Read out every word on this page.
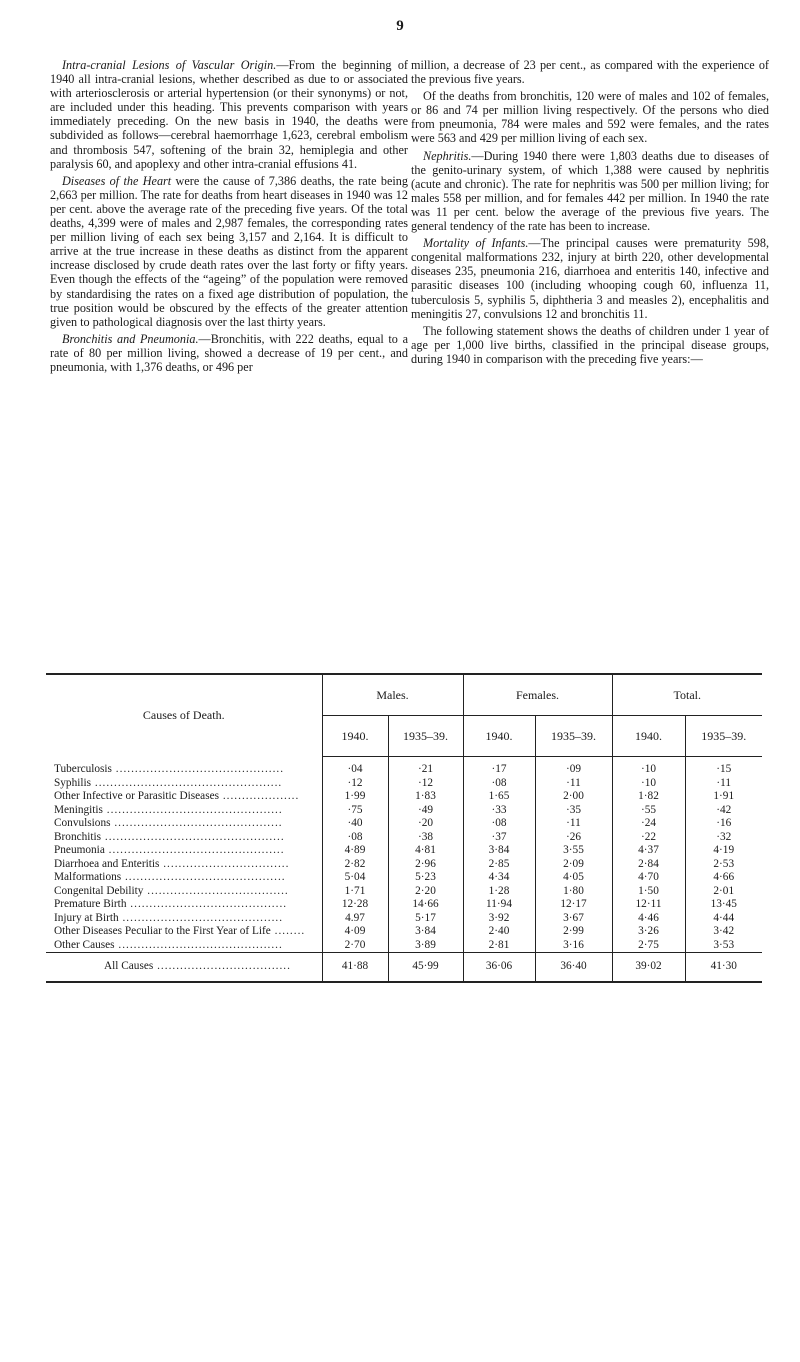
9

Intra-cranial Lesions of Vascular Origin.—From the beginning of 1940 all intra-cranial lesions, whether described as due to or associated with arteriosclerosis or arterial hypertension (or their synonyms) or not, are included under this heading. This prevents comparison with years immediately preceding. On the new basis in 1940, the deaths were subdivided as follows—cerebral haemorrhage 1,623, cerebral embolism and thrombosis 547, softening of the brain 32, hemiplegia and other paralysis 60, and apoplexy and other intra-cranial effusions 41.

Diseases of the Heart were the cause of 7,386 deaths, the rate being 2,663 per million. The rate for deaths from heart diseases in 1940 was 12 per cent. above the average rate of the preceding five years. Of the total deaths, 4,399 were of males and 2,987 females, the corresponding rates per million living of each sex being 3,157 and 2,164. It is difficult to arrive at the true increase in these deaths as distinct from the apparent increase disclosed by crude death rates over the last forty or fifty years. Even though the effects of the “ageing” of the population were removed by standardising the rates on a fixed age distribution of population, the true position would be obscured by the effects of the greater attention given to pathological diagnosis over the last thirty years.

Bronchitis and Pneumonia.—Bronchitis, with 222 deaths, equal to a rate of 80 per million living, showed a decrease of 19 per cent., and pneumonia, with 1,376 deaths, or 496 per

million, a decrease of 23 per cent., as compared with the experience of the previous five years.

Of the deaths from bronchitis, 120 were of males and 102 of females, or 86 and 74 per million living respectively. Of the persons who died from pneumonia, 784 were males and 592 were females, and the rates were 563 and 429 per million living of each sex.

Nephritis.—During 1940 there were 1,803 deaths due to diseases of the genito-urinary system, of which 1,388 were caused by nephritis (acute and chronic). The rate for nephritis was 500 per million living; for males 558 per million, and for females 442 per million. In 1940 the rate was 11 per cent. below the average of the previous five years. The general tendency of the rate has been to increase.

Mortality of Infants.—The principal causes were prematurity 598, congenital malformations 232, injury at birth 220, other developmental diseases 235, pneumonia 216, diarrhoea and enteritis 140, infective and parasitic diseases 100 (including whooping cough 60, influenza 11, tuberculosis 5, syphilis 5, diphtheria 3 and measles 2), encephalitis and meningitis 27, convulsions 12 and bronchitis 11.

The following statement shows the deaths of children under 1 year of age per 1,000 live births, classified in the principal disease groups, during 1940 in comparison with the preceding five years:—

Causes of Death.	Males.		Females.		Total.	
	1940.	1935–39.	1940.	1935–39.	1940.	1935–39.
Tuberculosis ............................................	·04	·21	·17	·09	·10	·15
Syphilis .................................................	·12	·12	·08	·11	·10	·11
Other Infective or Parasitic Diseases ....................	1·99	1·83	1·65	2·00	1·82	1·91
Meningitis ..............................................	·75	·49	·33	·35	·55	·42
Convulsions ............................................	·40	·20	·08	·11	·24	·16
Bronchitis ...............................................	·08	·38	·37	·26	·22	·32
Pneumonia ..............................................	4·89	4·81	3·84	3·55	4·37	4·19
Diarrhoea and Enteritis .................................	2·82	2·96	2·85	2·09	2·84	2·53
Malformations ..........................................	5·04	5·23	4·34	4·05	4·70	4·66
Congenital Debility .....................................	1·71	2·20	1·28	1·80	1·50	2·01
Premature Birth .........................................	12·28	14·66	11·94	12·17	12·11	13·45
Injury at Birth ..........................................	4.97	5·17	3·92	3·67	4·46	4·44
Other Diseases Peculiar to the First Year of Life ........	4·09	3·84	2·40	2·99	3·26	3·42
Other Causes ...........................................	2·70	3·89	2·81	3·16	2·75	3·53
All Causes ...................................	41·88	45·99	36·06	36·40	39·02	41·30
